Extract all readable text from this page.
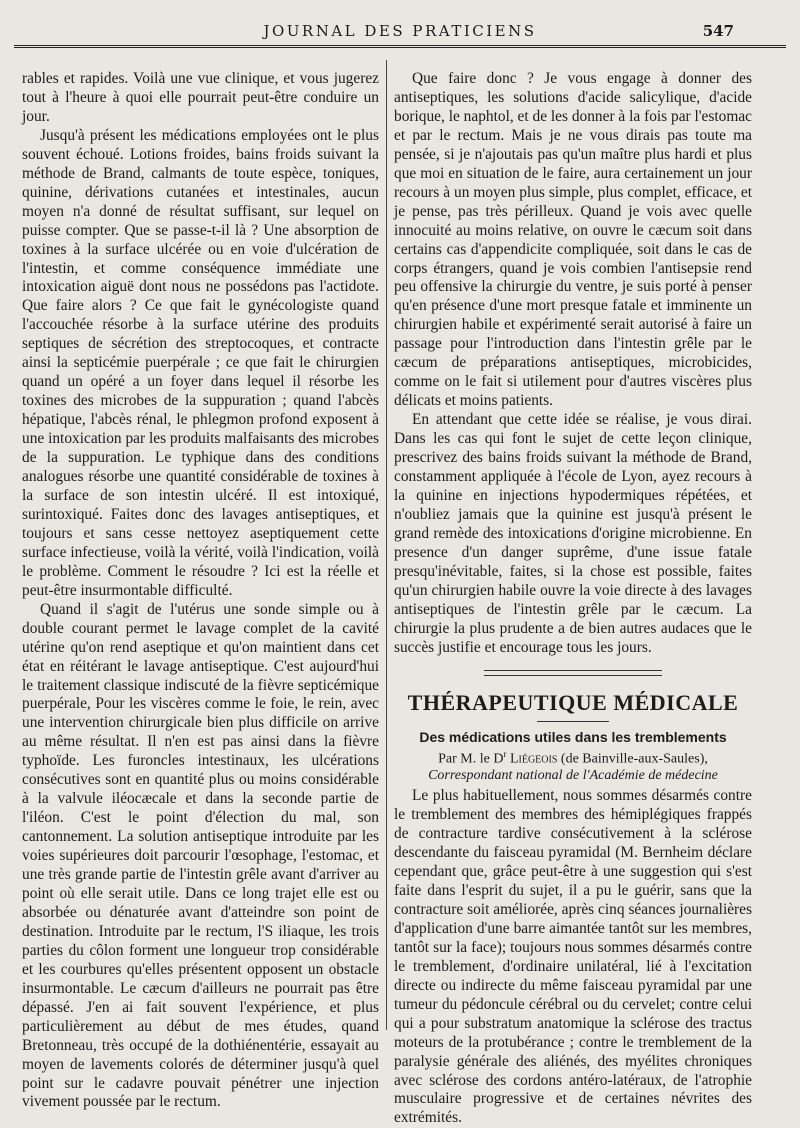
JOURNAL DES PRATICIENS	547

rables et rapides. Voilà une vue clinique, et vous jugerez tout à l'heure à quoi elle pourrait peut-être conduire un jour.

Jusqu'à présent les médications employées ont le plus souvent échoué. Lotions froides, bains froids suivant la méthode de Brand, calmants de toute espèce, toniques, quinine, dérivations cutanées et intestinales, aucun moyen n'a donné de résultat suffisant, sur lequel on puisse compter. Que se passe-t-il là ? Une absorption de toxines à la surface ulcérée ou en voie d'ulcération de l'intestin, et comme conséquence immédiate une intoxication aiguë dont nous ne possédons pas l'actidote. Que faire alors ? Ce que fait le gynécologiste quand l'accouchée résorbe à la surface utérine des produits septiques de sécrétion des streptocoques, et contracte ainsi la septicémie puerpérale ; ce que fait le chirurgien quand un opéré a un foyer dans lequel il résorbe les toxines des microbes de la suppuration ; quand l'abcès hépatique, l'abcès rénal, le phlegmon profond exposent à une intoxication par les produits malfaisants des microbes de la suppuration. Le typhique dans des conditions analogues résorbe une quantité considérable de toxines à la surface de son intestin ulcéré. Il est intoxiqué, surintoxiqué. Faites donc des lavages antiseptiques, et toujours et sans cesse nettoyez aseptiquement cette surface infectieuse, voilà la vérité, voilà l'indication, voilà le problème. Comment le résoudre ? Ici est la réelle et peut-être insurmontable difficulté.

Quand il s'agit de l'utérus une sonde simple ou à double courant permet le lavage complet de la cavité utérine qu'on rend aseptique et qu'on maintient dans cet état en réitérant le lavage antiseptique. C'est aujourd'hui le traitement classique indiscuté de la fièvre septicémique puerpérale, Pour les viscères comme le foie, le rein, avec une intervention chirurgicale bien plus difficile on arrive au même résultat. Il n'en est pas ainsi dans la fièvre typhoïde. Les furoncles intestinaux, les ulcérations consécutives sont en quantité plus ou moins considérable à la valvule iléocæcale et dans la seconde partie de l'iléon. C'est le point d'élection du mal, son cantonnement. La solution antiseptique introduite par les voies supérieures doit parcourir l'œsophage, l'estomac, et une très grande partie de l'intestin grêle avant d'arriver au point où elle serait utile. Dans ce long trajet elle est ou absorbée ou dénaturée avant d'atteindre son point de destination. Introduite par le rectum, l'S iliaque, les trois parties du côlon forment une longueur trop considérable et les courbures qu'elles présentent opposent un obstacle insurmontable. Le cæcum d'ailleurs ne pourrait pas être dépassé. J'en ai fait souvent l'expérience, et plus particulièrement au début de mes études, quand Bretonneau, très occupé de la dothiénentérie, essayait au moyen de lavements colorés de déterminer jusqu'à quel point sur le cadavre pouvait pénétrer une injection vivement poussée par le rectum.

Que faire donc ? Je vous engage à donner des antiseptiques, les solutions d'acide salicylique, d'acide borique, le naphtol, et de les donner à la fois par l'estomac et par le rectum. Mais je ne vous dirais pas toute ma pensée, si je n'ajoutais pas qu'un maître plus hardi et plus que moi en situation de le faire, aura certainement un jour recours à un moyen plus simple, plus complet, efficace, et je pense, pas très périlleux. Quand je vois avec quelle innocuité au moins relative, on ouvre le cæcum soit dans certains cas d'appendicite compliquée, soit dans le cas de corps étrangers, quand je vois combien l'antisepsie rend peu offensive la chirurgie du ventre, je suis porté à penser qu'en présence d'une mort presque fatale et imminente un chirurgien habile et expérimenté serait autorisé à faire un passage pour l'introduction dans l'intestin grêle par le cæcum de préparations antiseptiques, microbicides, comme on le fait si utilement pour d'autres viscères plus délicats et moins patients.

En attendant que cette idée se réalise, je vous dirai. Dans les cas qui font le sujet de cette leçon clinique, prescrivez des bains froids suivant la méthode de Brand, constamment appliquée à l'école de Lyon, ayez recours à la quinine en injections hypodermiques répétées, et n'oubliez jamais que la quinine est jusqu'à présent le grand remède des intoxications d'origine microbienne. En presence d'un danger suprême, d'une issue fatale presqu'inévitable, faites, si la chose est possible, faites qu'un chirurgien habile ouvre la voie directe à des lavages antiseptiques de l'intestin grêle par le cæcum. La chirurgie la plus prudente a de bien autres audaces que le succès justifie et encourage tous les jours.

THÉRAPEUTIQUE MÉDICALE
Des médications utiles dans les tremblements
Par M. le $D^r$ Liégeois (de Bainville-aux-Saules),
Correspondant national de l'Académie de médecine

Le plus habituellement, nous sommes désarmés contre le tremblement des membres des hémiplégiques frappés de contracture tardive consécutivement à la sclérose descendante du faisceau pyramidal (M. Bernheim déclare cependant que, grâce peut-être à une suggestion qui s'est faite dans l'esprit du sujet, il a pu le guérir, sans que la contracture soit améliorée, après cinq séances journalières d'application d'une barre aimantée tantôt sur les membres, tantôt sur la face); toujours nous sommes désarmés contre le tremblement, d'ordinaire unilatéral, lié à l'excitation directe ou indirecte du même faisceau pyramidal par une tumeur du pédoncule cérébral ou du cervelet; contre celui qui a pour substratum anatomique la sclérose des tractus moteurs de la protubérance ; contre le tremblement de la paralysie générale des aliénés, des myélites chroniques avec sclérose des cordons antéro-latéraux, de l'atrophie musculaire progressive et de certaines névrites des extrémités.
